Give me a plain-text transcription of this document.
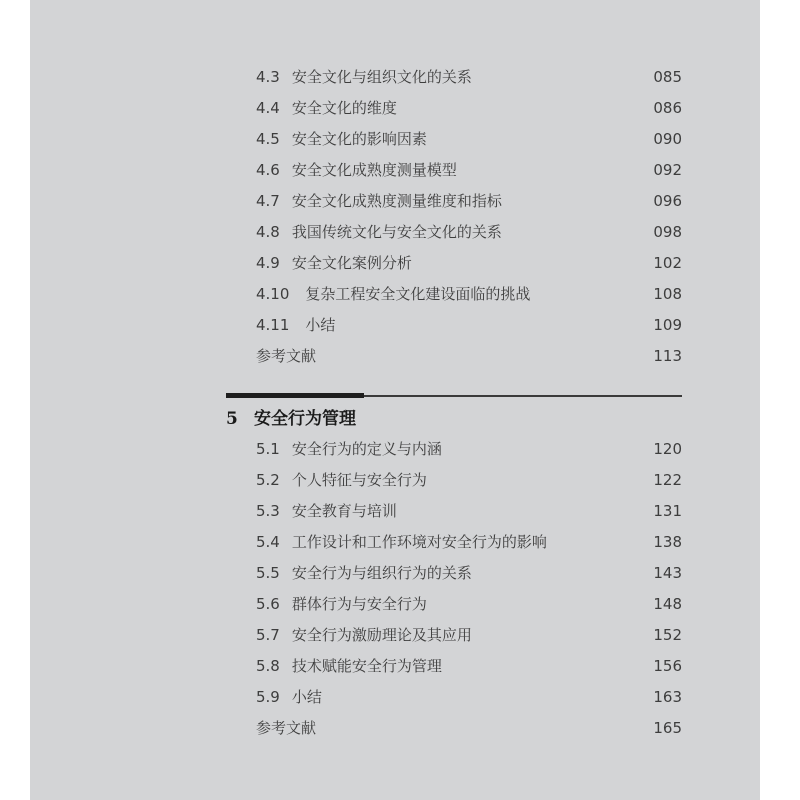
4.3 安全文化与组织文化的关系	085
4.4 安全文化的维度	086
4.5 安全文化的影响因素	090
4.6 安全文化成熟度测量模型	092
4.7 安全文化成熟度测量维度和指标	096
4.8 我国传统文化与安全文化的关系	098
4.9 安全文化案例分析	102
4.10 复杂工程安全文化建设面临的挑战	108
4.11 小结	109
参考文献	113
5 安全行为管理
5.1 安全行为的定义与内涵	120
5.2 个人特征与安全行为	122
5.3 安全教育与培训	131
5.4 工作设计和工作环境对安全行为的影响	138
5.5 安全行为与组织行为的关系	143
5.6 群体行为与安全行为	148
5.7 安全行为激励理论及其应用	152
5.8 技术赋能安全行为管理	156
5.9 小结	163
参考文献	165
